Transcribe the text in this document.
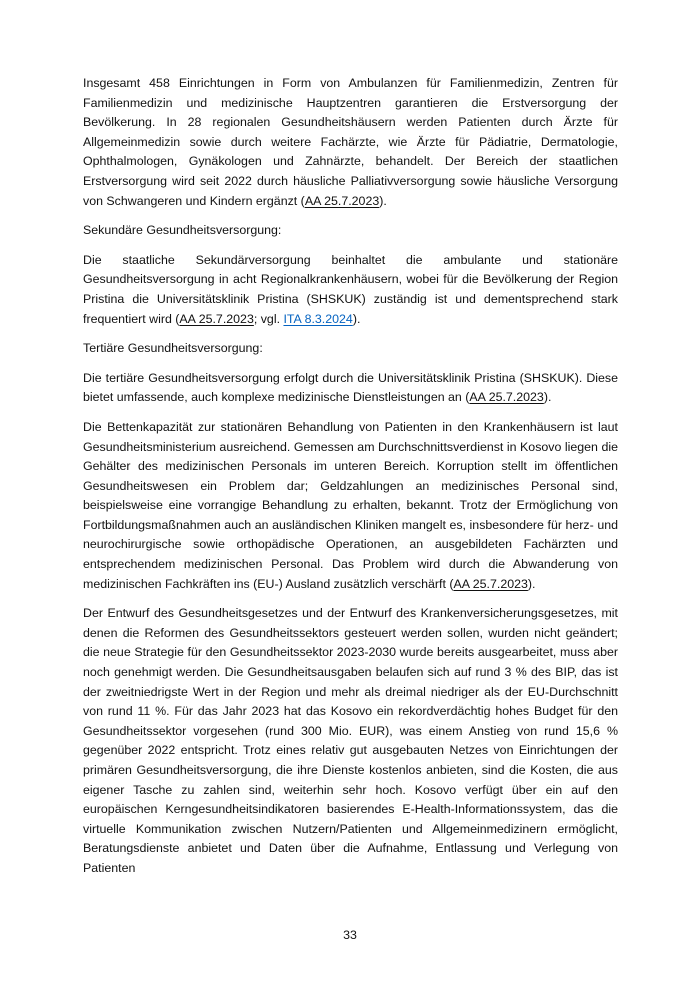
Insgesamt 458 Einrichtungen in Form von Ambulanzen für Familienmedizin, Zentren für Familienmedizin und medizinische Hauptzentren garantieren die Erstversorgung der Bevölkerung. In 28 regionalen Gesundheitshäusern werden Patienten durch Ärzte für Allgemeinmedizin sowie durch weitere Fachärzte, wie Ärzte für Pädiatrie, Dermatologie, Ophthalmologen, Gynäkologen und Zahnärzte, behandelt. Der Bereich der staatlichen Erstversorgung wird seit 2022 durch häusliche Palliativversorgung sowie häusliche Versorgung von Schwangeren und Kindern ergänzt (AA 25.7.2023).

Sekundäre Gesundheitsversorgung:

Die staatliche Sekundärversorgung beinhaltet die ambulante und stationäre Gesundheitsversorgung in acht Regionalkrankenhäusern, wobei für die Bevölkerung der Region Pristina die Universitätsklinik Pristina (SHSKUK) zuständig ist und dementsprechend stark frequentiert wird (AA 25.7.2023; vgl. ITA 8.3.2024).

Tertiäre Gesundheitsversorgung:

Die tertiäre Gesundheitsversorgung erfolgt durch die Universitätsklinik Pristina (SHSKUK). Diese bietet umfassende, auch komplexe medizinische Dienstleistungen an (AA 25.7.2023).

Die Bettenkapazität zur stationären Behandlung von Patienten in den Krankenhäusern ist laut Gesundheitsministerium ausreichend. Gemessen am Durchschnittsverdienst in Kosovo liegen die Gehälter des medizinischen Personals im unteren Bereich. Korruption stellt im öffentlichen Gesundheitswesen ein Problem dar; Geldzahlungen an medizinisches Personal sind, beispielsweise eine vorrangige Behandlung zu erhalten, bekannt. Trotz der Ermöglichung von Fortbildungsmaßnahmen auch an ausländischen Kliniken mangelt es, insbesondere für herz- und neurochirurgische sowie orthopädische Operationen, an ausgebildeten Fachärzten und entsprechendem medizinischen Personal. Das Problem wird durch die Abwanderung von medizinischen Fachkräften ins (EU-) Ausland zusätzlich verschärft (AA 25.7.2023).

Der Entwurf des Gesundheitsgesetzes und der Entwurf des Krankenversicherungsgesetzes, mit denen die Reformen des Gesundheitssektors gesteuert werden sollen, wurden nicht geändert; die neue Strategie für den Gesundheitssektor 2023-2030 wurde bereits ausgearbeitet, muss aber noch genehmigt werden. Die Gesundheitsausgaben belaufen sich auf rund 3 % des BIP, das ist der zweitniedrigste Wert in der Region und mehr als dreimal niedriger als der EU-Durchschnitt von rund 11 %. Für das Jahr 2023 hat das Kosovo ein rekordverdächtig hohes Budget für den Gesundheitssektor vorgesehen (rund 300 Mio. EUR), was einem Anstieg von rund 15,6 % gegenüber 2022 entspricht. Trotz eines relativ gut ausgebauten Netzes von Einrichtungen der primären Gesundheitsversorgung, die ihre Dienste kostenlos anbieten, sind die Kosten, die aus eigener Tasche zu zahlen sind, weiterhin sehr hoch. Kosovo verfügt über ein auf den europäischen Kerngesundheitsindikatoren basierendes E-Health-Informationssystem, das die virtuelle Kommunikation zwischen Nutzern/Patienten und Allgemeinmedizinern ermöglicht, Beratungsdienste anbietet und Daten über die Aufnahme, Entlassung und Verlegung von Patienten

33
